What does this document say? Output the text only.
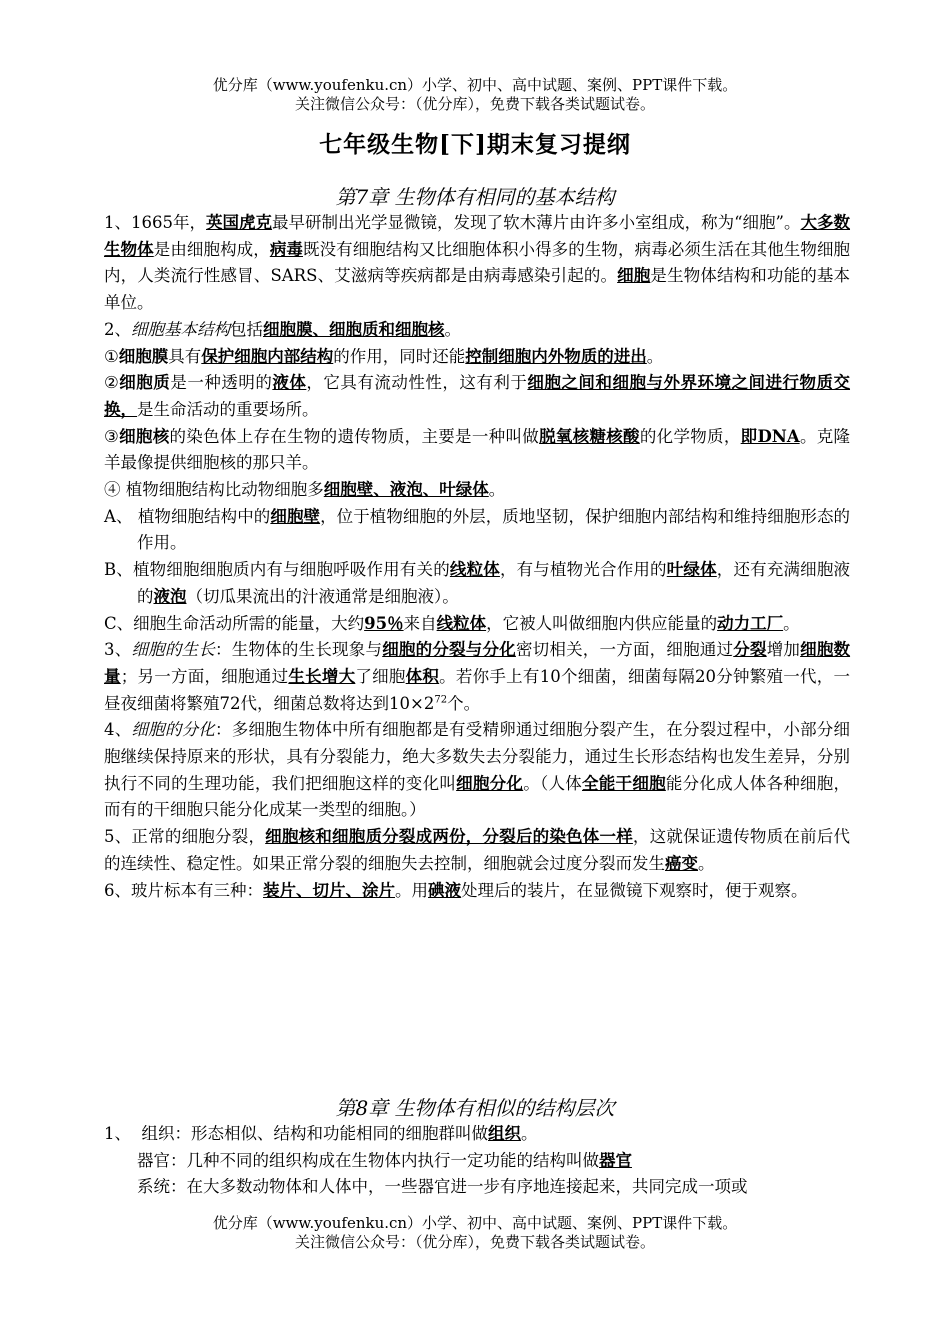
优分库（www.youfenku.cn）小学、初中、高中试题、案例、PPT课件下载。
关注微信公众号：（优分库），免费下载各类试题试卷。
七年级生物[下]期末复习提纲
第7章 生物体有相同的基本结构

1、1665年，英国虎克最早研制出光学显微镜，发现了软木薄片由许多小室组成，称为“细胞”。大多数生物体是由细胞构成，病毒既没有细胞结构又比细胞体积小得多的生物，病毒必须生活在其他生物细胞内，人类流行性感冒、SARS、艾滋病等疾病都是由病毒感染引起的。细胞是生物体结构和功能的基本单位。

2、细胞基本结构包括细胞膜、细胞质和细胞核。

①细胞膜具有保护细胞内部结构的作用，同时还能控制细胞内外物质的进出。

②细胞质是一种透明的液体，它具有流动性性，这有利于细胞之间和细胞与外界环境之间进行物质交换，是生命活动的重要场所。

③细胞核的染色体上存在生物的遗传物质，主要是一种叫做脱氧核糖核酸的化学物质，即DNA。克隆羊最像提供细胞核的那只羊。

④ 植物细胞结构比动物细胞多细胞壁、液泡、叶绿体。

A、 植物细胞结构中的细胞壁，位于植物细胞的外层，质地坚韧，保护细胞内部结构和维持细胞形态的作用。

B、植物细胞细胞质内有与细胞呼吸作用有关的线粒体，有与植物光合作用的叶绿体，还有充满细胞液的液泡（切瓜果流出的汁液通常是细胞液）。

C、细胞生命活动所需的能量，大约95％来自线粒体，它被人叫做细胞内供应能量的动力工厂。

3、细胞的生长：生物体的生长现象与细胞的分裂与分化密切相关，一方面，细胞通过分裂增加细胞数量；另一方面，细胞通过生长增大了细胞体积。若你手上有10个细菌，细菌每隔20分钟繁殖一代，一昼夜细菌将繁殖72代，细菌总数将达到$10\times 2^{72}$个。

4、细胞的分化：多细胞生物体中所有细胞都是有受精卵通过细胞分裂产生，在分裂过程中，小部分细胞继续保持原来的形状，具有分裂能力，绝大多数失去分裂能力，通过生长形态结构也发生差异，分别执行不同的生理功能，我们把细胞这样的变化叫细胞分化。（人体全能干细胞能分化成人体各种细胞，而有的干细胞只能分化成某一类型的细胞。）

5、正常的细胞分裂，细胞核和细胞质分裂成两份，分裂后的染色体一样，这就保证遗传物质在前后代的连续性、稳定性。如果正常分裂的细胞失去控制，细胞就会过度分裂而发生癌变。

6、玻片标本有三种：装片、切片、涂片。用碘液处理后的装片，在显微镜下观察时，便于观察。

第8章 生物体有相似的结构层次

1、 组织：形态相似、结构和功能相同的细胞群叫做组织。

器官：几种不同的组织构成在生物体内执行一定功能的结构叫做器官

系统：在大多数动物体和人体中，一些器官进一步有序地连接起来，共同完成一项或

优分库（www.youfenku.cn）小学、初中、高中试题、案例、PPT课件下载。
关注微信公众号：（优分库），免费下载各类试题试卷。
